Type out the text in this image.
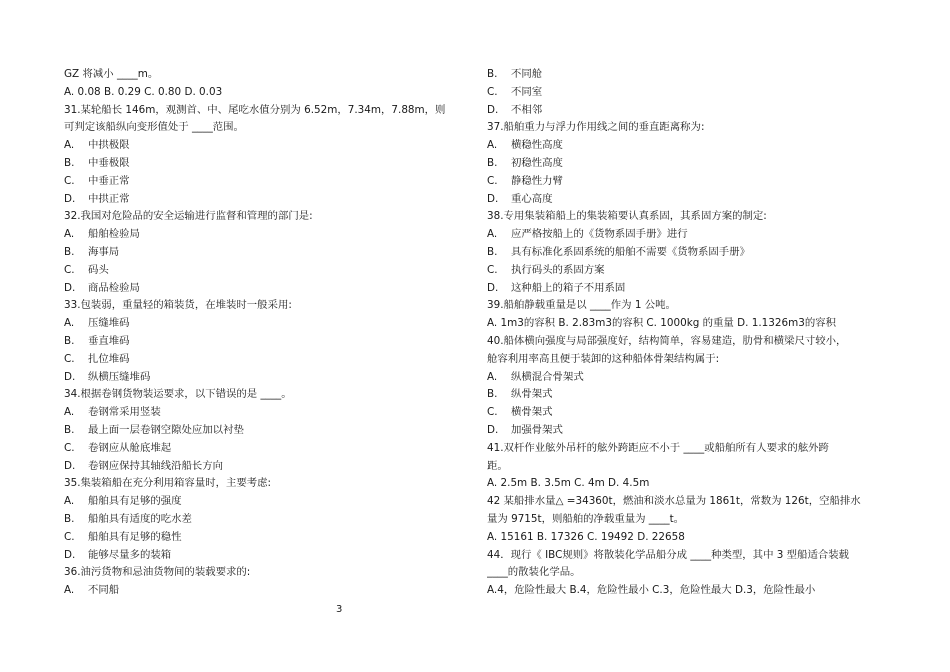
GZ 将减小 ____m。
A. 0.08 B. 0.29 C. 0.80 D. 0.03
31.某轮船长 146m，观测首、中、尾吃水值分别为 6.52m，7.34m，7.88m，则
可判定该船纵向变形值处于 ____范围。
A. 中拱极限
B. 中垂极限
C. 中垂正常
D. 中拱正常
32.我国对危险品的安全运输进行监督和管理的部门是:
A. 船舶检验局
B. 海事局
C. 码头
D. 商品检验局
33.包装弱，重量轻的箱装货，在堆装时一般采用:
A. 压缝堆码
B. 垂直堆码
C. 扎位堆码
D. 纵横压缝堆码
34.根据卷钢货物装运要求，以下错误的是 ____。
A. 卷钢常采用竖装
B. 最上面一层卷钢空隙处应加以衬垫
C. 卷钢应从舱底堆起
D. 卷钢应保持其轴线沿船长方向
35.集装箱船在充分利用箱容量时，主要考虑:
A. 船舶具有足够的强度
B. 船舶具有适度的吃水差
C. 船舶具有足够的稳性
D. 能够尽量多的装箱
36.油污货物和忌油货物间的装载要求的:
A. 不同船
B. 不同舱
C. 不同室
D. 不相邻
37.船舶重力与浮力作用线之间的垂直距离称为:
A. 横稳性高度
B. 初稳性高度
C. 静稳性力臂
D. 重心高度
38.专用集装箱船上的集装箱要认真系固，其系固方案的制定:
A. 应严格按船上的《货物系固手册》进行
B. 具有标准化系固系统的船舶不需要《货物系固手册》
C. 执行码头的系固方案
D. 这种船上的箱子不用系固
39.船舶静载重量是以 ____作为 1 公吨。
A. 1m3的容积 B. 2.83m3的容积 C. 1000kg 的重量 D. 1.1326m3的容积
40.船体横向强度与局部强度好，结构简单，容易建造，肋骨和横梁尺寸较小，
舱容利用率高且便于装卸的这种船体骨架结构属于:
A. 纵横混合骨架式
B. 纵骨架式
C. 横骨架式
D. 加强骨架式
41.双杆作业舷外吊杆的舷外跨距应不小于 ____或船舶所有人要求的舷外跨
距。
A. 2.5m B. 3.5m C. 4m D. 4.5m
42 某船排水量△ =34360t，燃油和淡水总量为 1861t，常数为 126t，空船排水
量为 9715t，则船舶的净载重量为 ____t。
A. 15161 B. 17326 C. 19492 D. 22658
44．现行《 IBC规则》将散装化学品船分成 ____种类型，其中 3 型船适合装载
____的散装化学品。
A.4，危险性最大 B.4，危险性最小 C.3，危险性最大 D.3，危险性最小
3
